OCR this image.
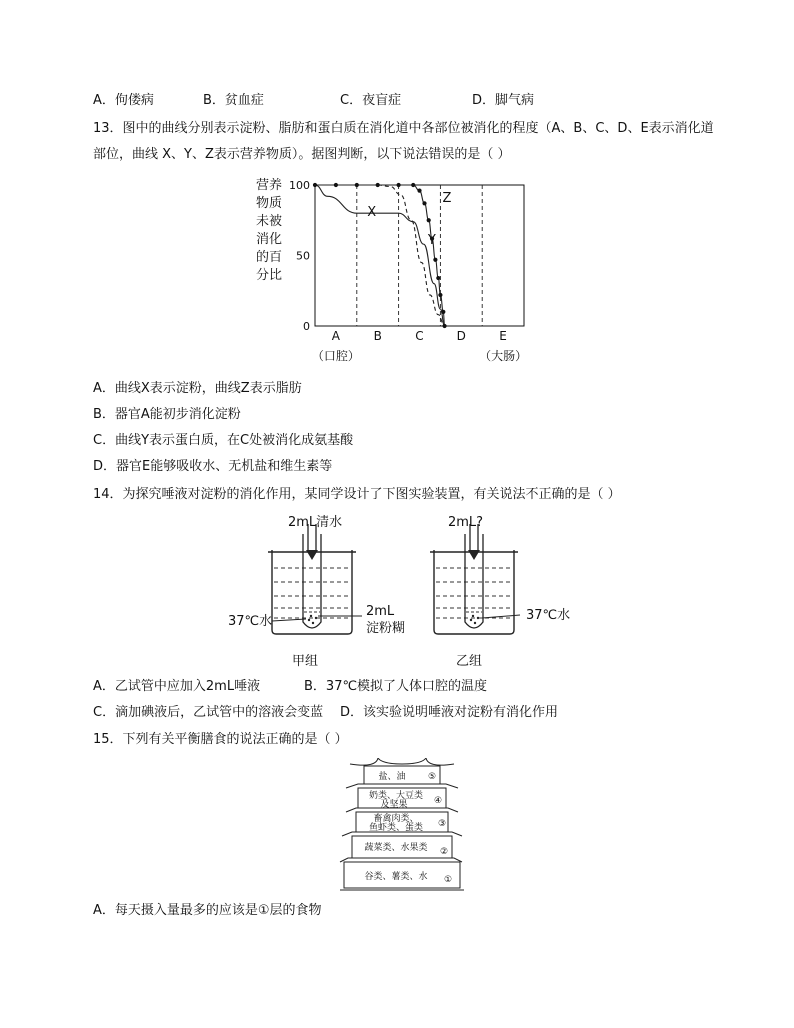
A．佝偻病	B．贫血症	C．夜盲症	D．脚气病
13．图中的曲线分别表示淀粉、脂肪和蛋白质在消化道中各部位被消化的程度（A、B、C、D、E表示消化道
部位，曲线 X、Y、Z表示营养物质）。据图判断，以下说法错误的是（ ）
营养
物质
未被
消化
的百
分比
100
50
0
A	B	C	D	E
（口腔）	（大肠）
X
Y
Z
A．曲线X表示淀粉，曲线Z表示脂肪
B．器官A能初步消化淀粉
C．曲线Y表示蛋白质，在C处被消化成氨基酸
D．器官E能够吸收水、无机盐和维生素等
14．为探究唾液对淀粉的消化作用，某同学设计了下图实验装置，有关说法不正确的是（ ）
2mL清水	2mL?
37℃水
2mL
淀粉糊
37℃水
甲组	乙组
A．乙试管中应加入2mL唾液	B．37℃模拟了人体口腔的温度
C．滴加碘液后，乙试管中的溶液会变蓝 D．该实验说明唾液对淀粉有消化作用
15．下列有关平衡膳食的说法正确的是（ ）
盐、油 ⑤
奶类、大豆类
及坚果	④
畜禽肉类、
鱼虾类、蛋类 ③
蔬菜类、水果类 ②
谷类、薯类、水 ①
A．每天摄入量最多的应该是①层的食物
